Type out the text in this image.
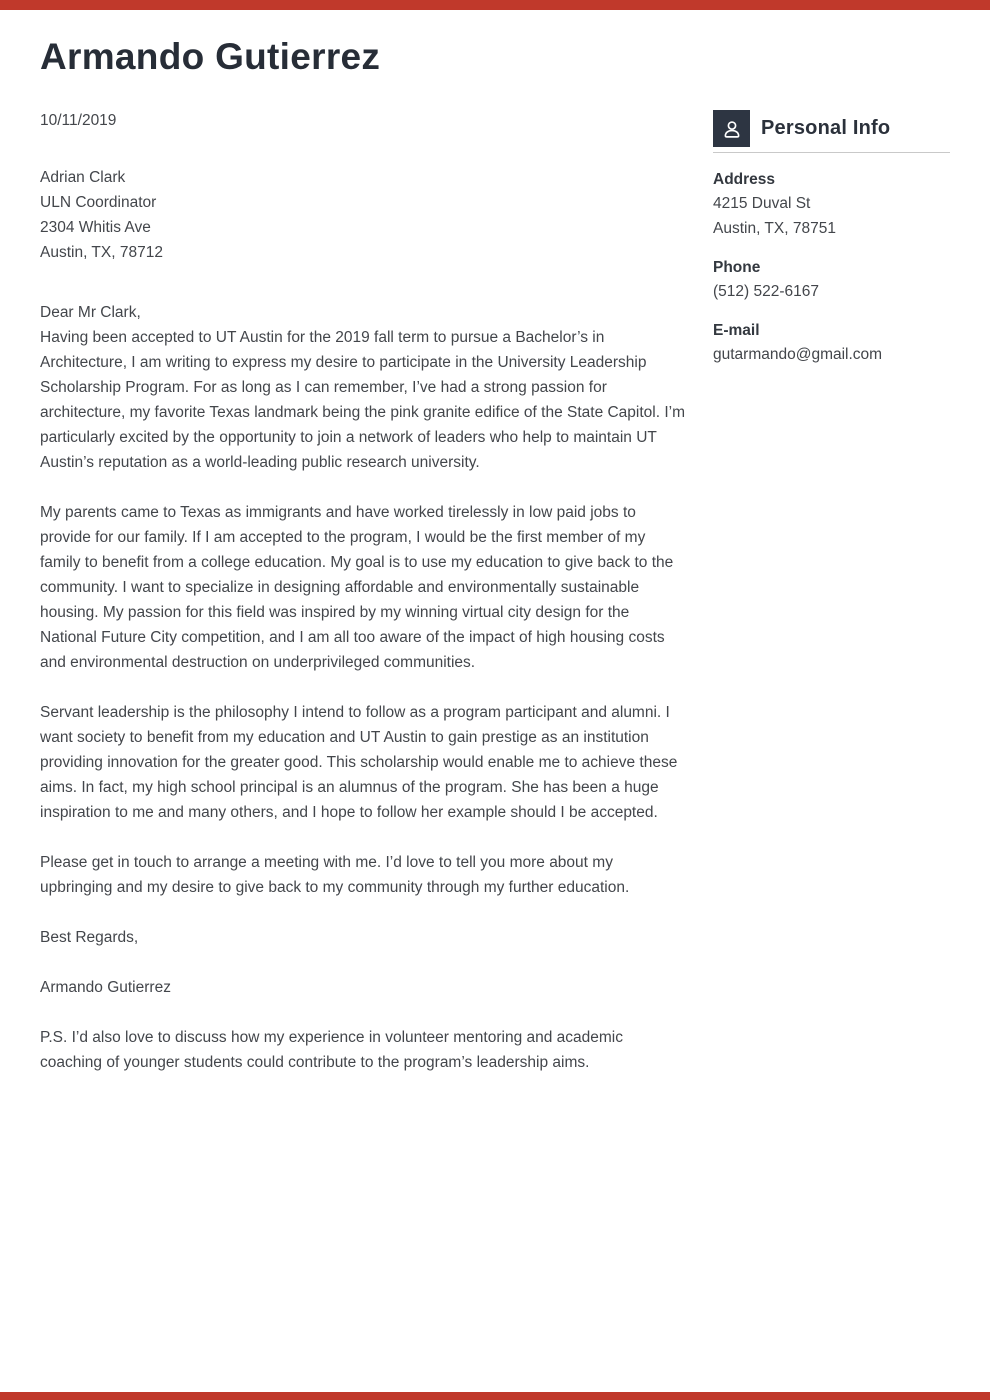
Armando Gutierrez
10/11/2019
Adrian Clark
ULN Coordinator
2304 Whitis Ave
Austin, TX, 78712
Dear Mr Clark,

Having been accepted to UT Austin for the 2019 fall term to pursue a Bachelor’s in Architecture, I am writing to express my desire to participate in the University Leadership Scholarship Program. For as long as I can remember, I’ve had a strong passion for architecture, my favorite Texas landmark being the pink granite edifice of the State Capitol. I’m particularly excited by the opportunity to join a network of leaders who help to maintain UT Austin’s reputation as a world-leading public research university.

My parents came to Texas as immigrants and have worked tirelessly in low paid jobs to provide for our family. If I am accepted to the program, I would be the first member of my family to benefit from a college education. My goal is to use my education to give back to the community. I want to specialize in designing affordable and environmentally sustainable housing. My passion for this field was inspired by my winning virtual city design for the National Future City competition, and I am all too aware of the impact of high housing costs and environmental destruction on underprivileged communities.

Servant leadership is the philosophy I intend to follow as a program participant and alumni. I want society to benefit from my education and UT Austin to gain prestige as an institution providing innovation for the greater good. This scholarship would enable me to achieve these aims. In fact, my high school principal is an alumnus of the program. She has been a huge inspiration to me and many others, and I hope to follow her example should I be accepted.

Please get in touch to arrange a meeting with me. I’d love to tell you more about my upbringing and my desire to give back to my community through my further education.

Best Regards,
Armando Gutierrez
P.S. I’d also love to discuss how my experience in volunteer mentoring and academic coaching of younger students could contribute to the program’s leadership aims.
Personal Info
Address
4215 Duval St
Austin, TX, 78751
Phone
(512) 522-6167
E-mail
gutarmando@gmail.com
